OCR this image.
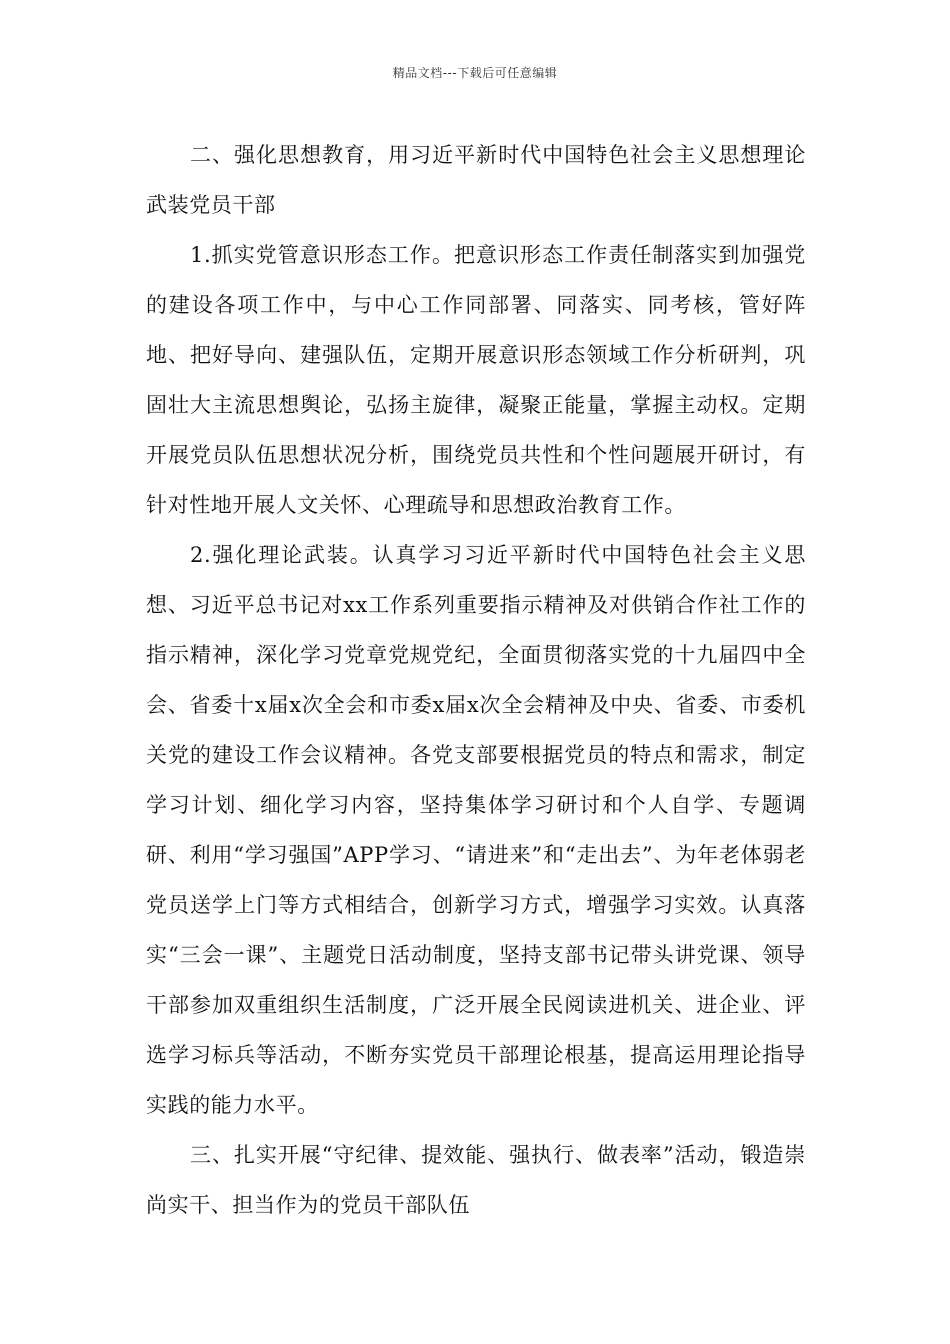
精品文档---下载后可任意编辑

二、强化思想教育，用习近平新时代中国特色社会主义思想理论武装党员干部

1.抓实党管意识形态工作。把意识形态工作责任制落实到加强党的建设各项工作中，与中心工作同部署、同落实、同考核，管好阵地、把好导向、建强队伍，定期开展意识形态领域工作分析研判，巩固壮大主流思想舆论，弘扬主旋律，凝聚正能量，掌握主动权。定期开展党员队伍思想状况分析，围绕党员共性和个性问题展开研讨，有针对性地开展人文关怀、心理疏导和思想政治教育工作。

2.强化理论武装。认真学习习近平新时代中国特色社会主义思想、习近平总书记对xx工作系列重要指示精神及对供销合作社工作的指示精神，深化学习党章党规党纪，全面贯彻落实党的十九届四中全会、省委十x届x次全会和市委x届x次全会精神及中央、省委、市委机关党的建设工作会议精神。各党支部要根据党员的特点和需求，制定学习计划、细化学习内容，坚持集体学习研讨和个人自学、专题调研、利用“学习强国”APP学习、“请进来”和“走出去”、为年老体弱老党员送学上门等方式相结合，创新学习方式，增强学习实效。认真落实“三会一课”、主题党日活动制度，坚持支部书记带头讲党课、领导干部参加双重组织生活制度，广泛开展全民阅读进机关、进企业、评选学习标兵等活动，不断夯实党员干部理论根基，提高运用理论指导实践的能力水平。

三、扎实开展“守纪律、提效能、强执行、做表率”活动，锻造崇尚实干、担当作为的党员干部队伍
